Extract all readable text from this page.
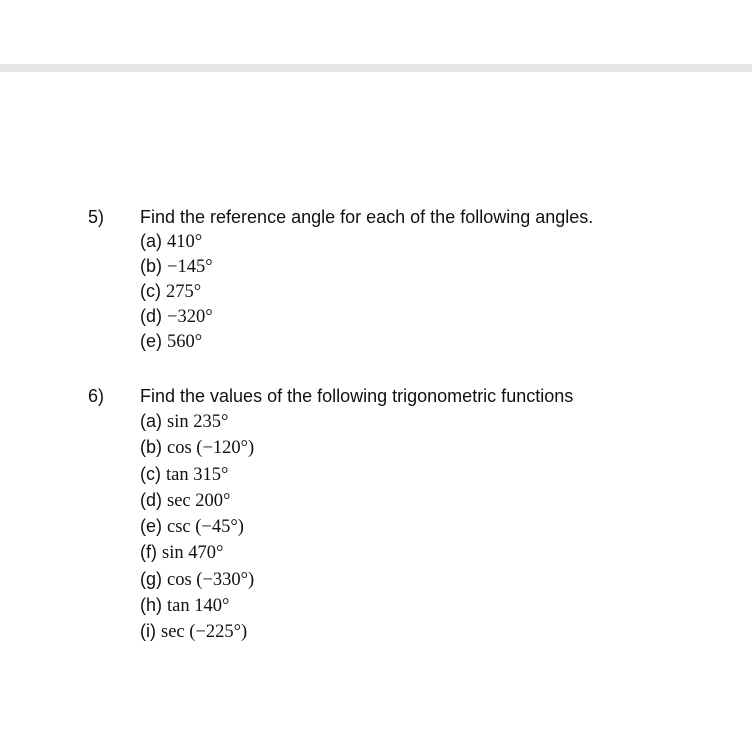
5) Find the reference angle for each of the following angles.
(a) 410°
(b) −145°
(c) 275°
(d) −320°
(e) 560°
6) Find the values of the following trigonometric functions
(a) sin 235°
(b) cos (−120°)
(c) tan 315°
(d) sec 200°
(e) csc (−45°)
(f) sin 470°
(g) cos (−330°)
(h) tan 140°
(i) sec (−225°)
